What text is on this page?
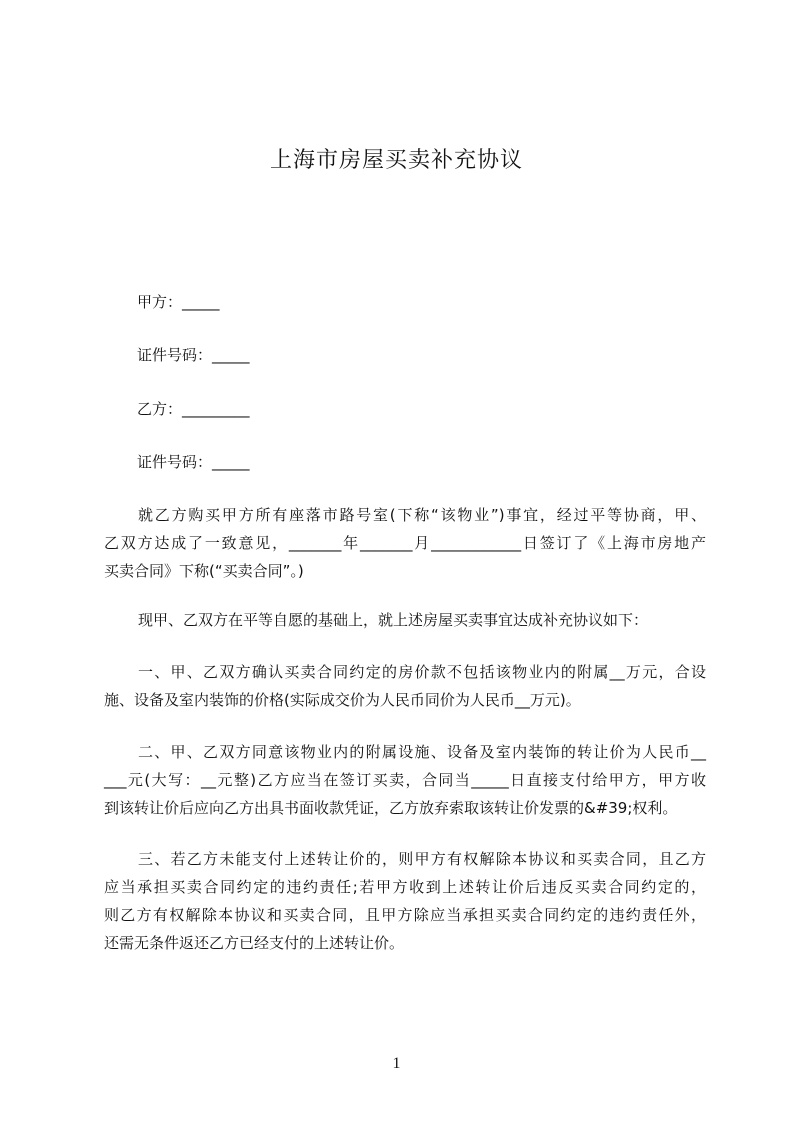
上海市房屋买卖补充协议
甲方：_____
证件号码：_____
乙方：_________
证件号码：_____
就乙方购买甲方所有座落市路号室(下称“该物业”)事宜，经过平等协商，甲、
乙双方达成了一致意见，_______年_______月____________日签订了《上海市房地产
买卖合同》下称(“买卖合同”。)
现甲、乙双方在平等自愿的基础上，就上述房屋买卖事宜达成补充协议如下：
一、甲、乙双方确认买卖合同约定的房价款不包括该物业内的附属__万元，合设
施、设备及室内装饰的价格(实际成交价为人民币同价为人民币__万元)。
二、甲、乙双方同意该物业内的附属设施、设备及室内装饰的转让价为人民币__
___元(大写：__元整)乙方应当在签订买卖，合同当_____日直接支付给甲方，甲方收
到该转让价后应向乙方出具书面收款凭证，乙方放弃索取该转让价发票的&#39;权利。
三、若乙方未能支付上述转让价的，则甲方有权解除本协议和买卖合同，且乙方
应当承担买卖合同约定的违约责任;若甲方收到上述转让价后违反买卖合同约定的，
则乙方有权解除本协议和买卖合同，且甲方除应当承担买卖合同约定的违约责任外，
还需无条件返还乙方已经支付的上述转让价。
1
